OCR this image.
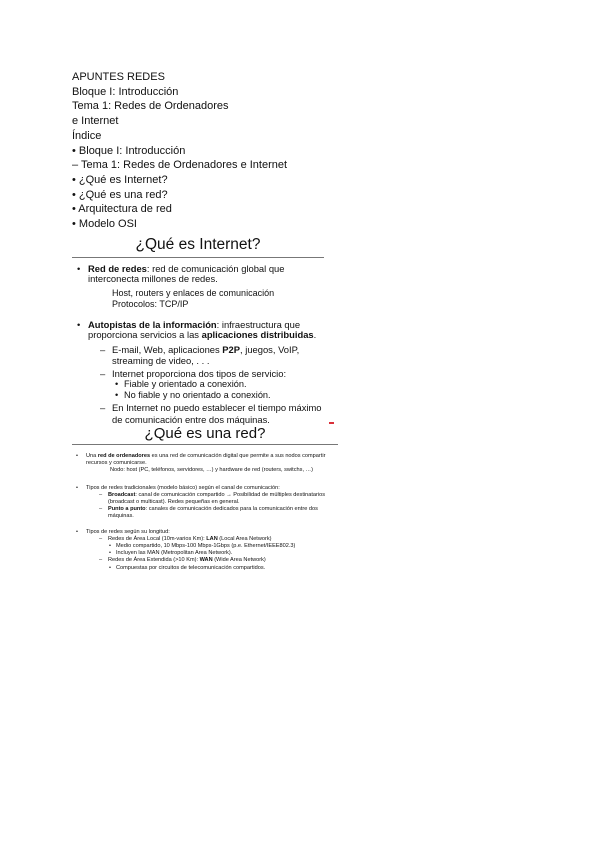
APUNTES REDES
Bloque I: Introducción
Tema 1: Redes de Ordenadores
e Internet
Índice
• Bloque I: Introducción
– Tema 1: Redes de Ordenadores e Internet
• ¿Qué es Internet?
• ¿Qué es una red?
• Arquitectura de red
• Modelo OSI
¿Qué es Internet?
• Red de redes: red de comunicación global que interconecta millones de redes.
Host, routers y enlaces de comunicación
Protocolos: TCP/IP
• Autopistas de la información: infraestructura que proporciona servicios a las aplicaciones distribuidas.
– E-mail, Web, aplicaciones P2P, juegos, VoIP, streaming de video, . . .
– Internet proporciona dos tipos de servicio:
• Fiable y orientado a conexión.
• No fiable y no orientado a conexión.
– En Internet no puedo establecer el tiempo máximo de comunicación entre dos máquinas.
¿Qué es una red?
• Una red de ordenadores es una red de comunicación digital que permite a sus nodos compartir recursos y comunicarse.
Nodo: host (PC, teléfonos, servidores, …) y hardware de red (routers, switchs, …)
• Tipos de redes tradicionales (modelo básico) según el canal de comunicación:
– Broadcast: canal de comunicación compartido → Posibilidad de múltiples destinatarios (broadcast o multicast). Redes pequeñas en general.
– Punto a punto: canales de comunicación dedicados para la comunicación entre dos máquinas.
• Tipos de redes según su longitud:
– Redes de Área Local (10m-varios Km): LAN (Local Area Network)
• Medio compartido, 10 Mbps-100 Mbps-1Gbps (p.e. Ethernet/IEEE802.3)
• Incluyen las MAN (Metropolitan Area Network).
– Redes de Área Extendida (>10 Km): WAN (Wide Area Network)
• Compuestas por circuitos de telecomunicación compartidos.
